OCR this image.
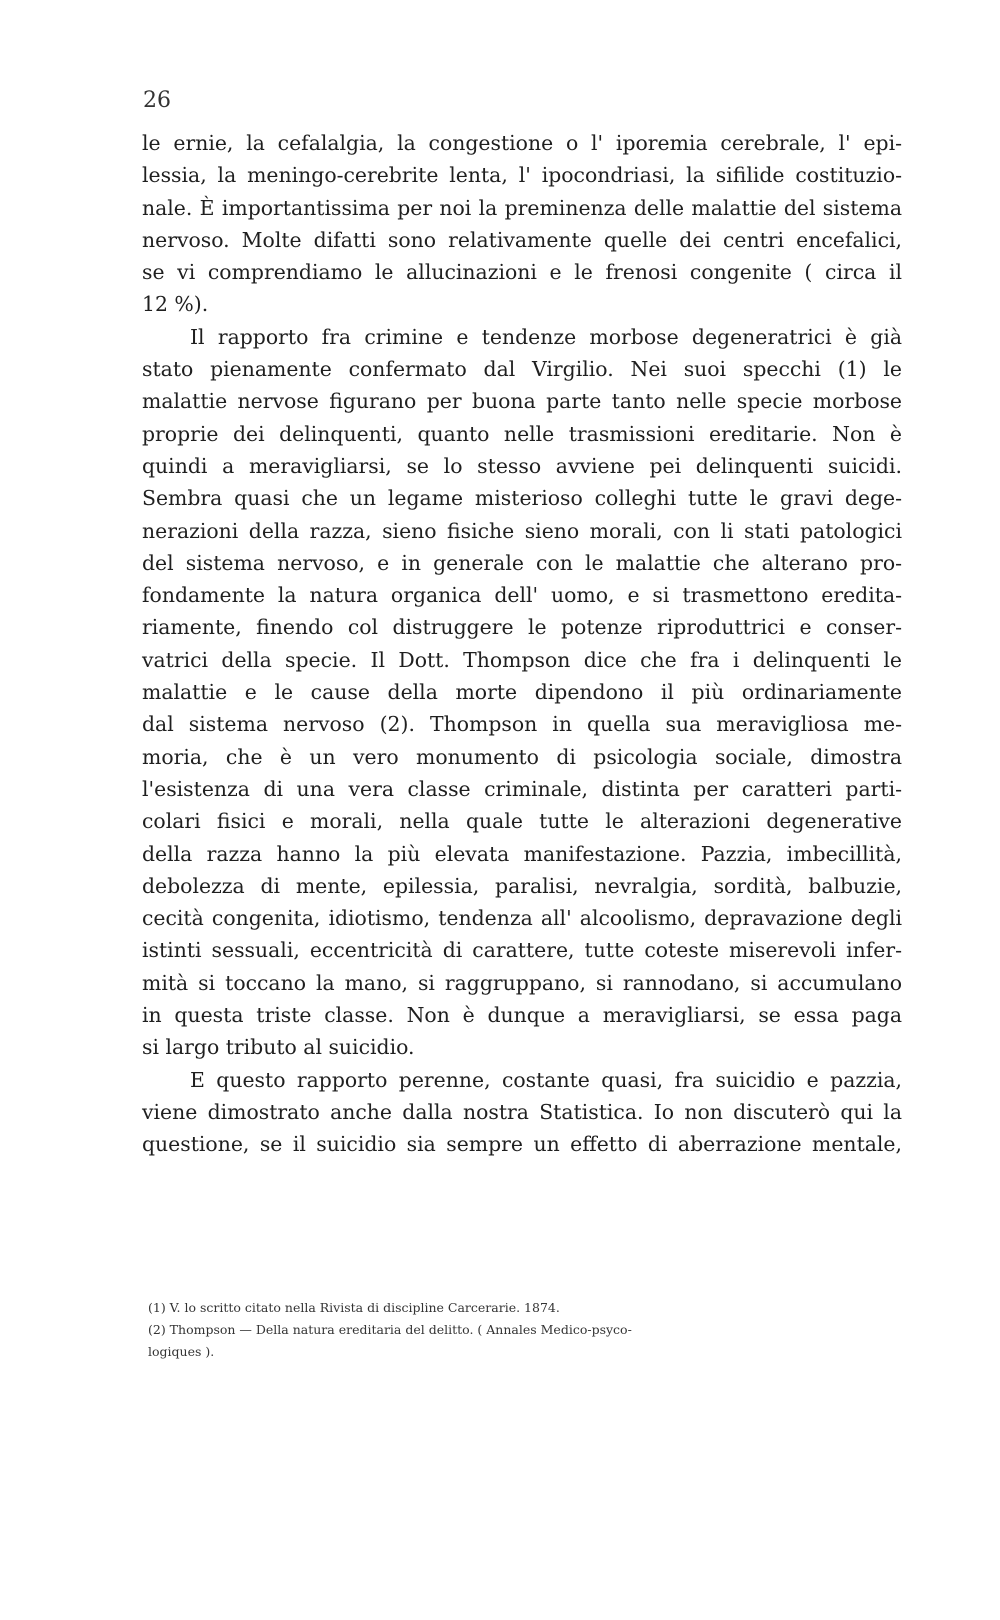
26
le ernie, la cefalalgia, la congestione o l' iporemia cerebrale, l' epi-
lessia, la meningo-cerebrite lenta, l' ipocondriasi, la sifilide costituzio-
nale. È importantissima per noi la preminenza delle malattie del sistema
nervoso. Molte difatti sono relativamente quelle dei centri encefalici,
se vi comprendiamo le allucinazioni e le frenosi congenite ( circa il
12 %).
Il rapporto fra crimine e tendenze morbose degeneratrici è già
stato pienamente confermato dal Virgilio. Nei suoi specchi (1) le
malattie nervose figurano per buona parte tanto nelle specie morbose
proprie dei delinquenti, quanto nelle trasmissioni ereditarie. Non è
quindi a meravigliarsi, se lo stesso avviene pei delinquenti suicidi.
Sembra quasi che un legame misterioso colleghi tutte le gravi dege-
nerazioni della razza, sieno fisiche sieno morali, con li stati patologici
del sistema nervoso, e in generale con le malattie che alterano pro-
fondamente la natura organica dell' uomo, e si trasmettono eredita-
riamente, finendo col distruggere le potenze riproduttrici e conser-
vatrici della specie. Il Dott. Thompson dice che fra i delinquenti le
malattie e le cause della morte dipendono il più ordinariamente
dal sistema nervoso (2). Thompson in quella sua meravigliosa me-
moria, che è un vero monumento di psicologia sociale, dimostra
l'esistenza di una vera classe criminale, distinta per caratteri parti-
colari fisici e morali, nella quale tutte le alterazioni degenerative
della razza hanno la più elevata manifestazione. Pazzia, imbecillità,
debolezza di mente, epilessia, paralisi, nevralgia, sordità, balbuzie,
cecità congenita, idiotismo, tendenza all' alcoolismo, depravazione degli
istinti sessuali, eccentricità di carattere, tutte coteste miserevoli infer-
mità si toccano la mano, si raggruppano, si rannodano, si accumulano
in questa triste classe. Non è dunque a meravigliarsi, se essa paga
si largo tributo al suicidio.
E questo rapporto perenne, costante quasi, fra suicidio e pazzia,
viene dimostrato anche dalla nostra Statistica. Io non discuterò qui la
questione, se il suicidio sia sempre un effetto di aberrazione mentale,
(1) V. lo scritto citato nella Rivista di discipline Carcerarie. 1874.
(2) Thompson — Della natura ereditaria del delitto. ( Annales Medico-psyco-
logiques ).
